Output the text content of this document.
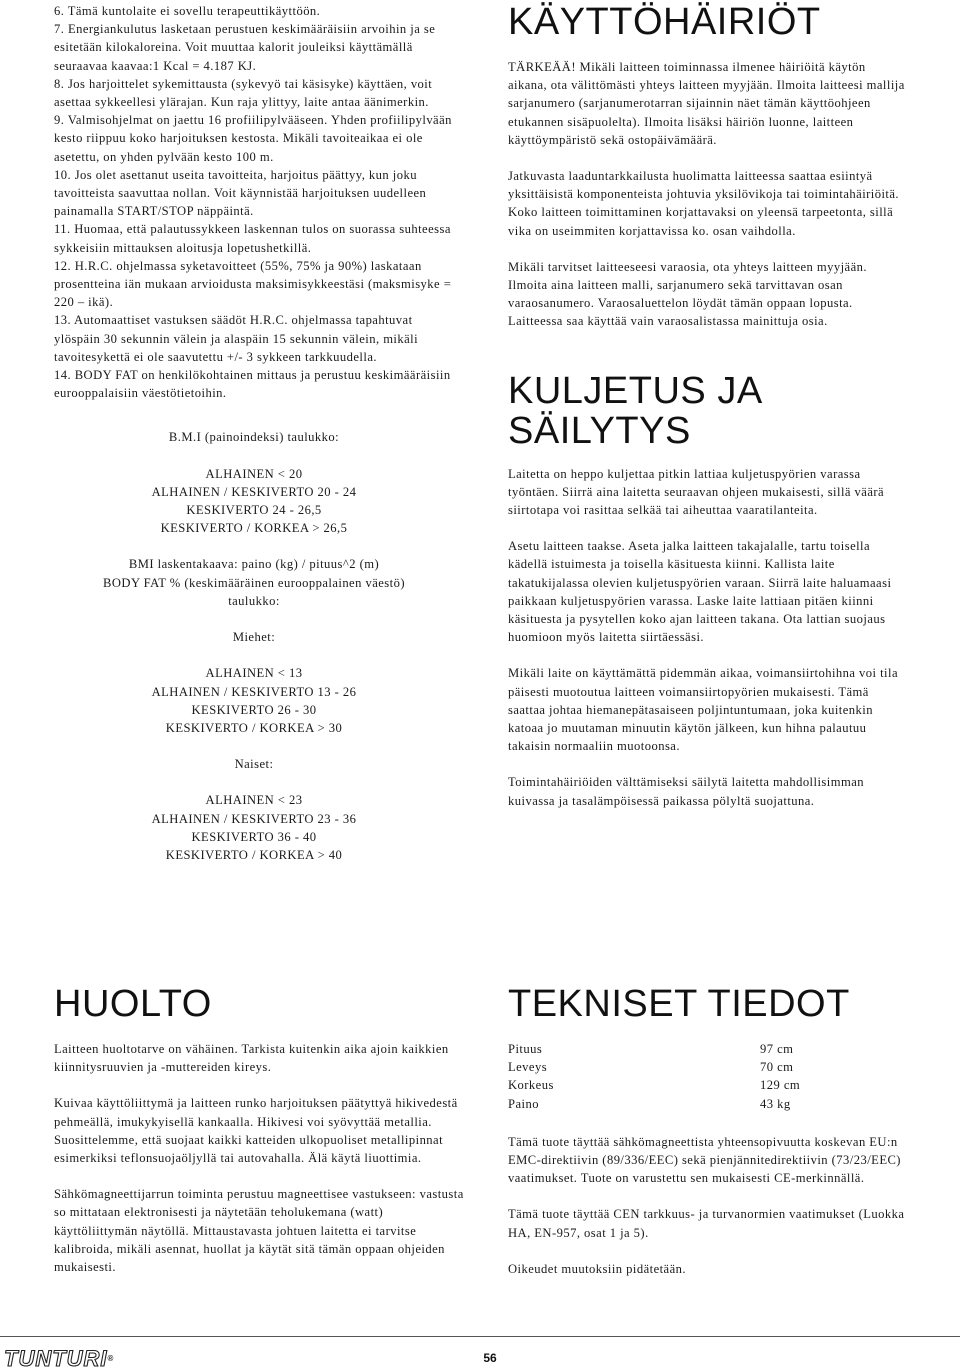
6. Tämä kuntolaite ei sovellu terapeuttikäyttöön.

7. Energiankulutus lasketaan perustuen keskimääräisiin arvoihin ja se esitetään kilokaloreina. Voit muuttaa kalorit jouleiksi käyttämällä seuraavaa kaavaa:1 Kcal = 4.187 KJ.

8. Jos harjoittelet sykemittausta (sykevyö tai käsisyke) käyttäen, voit asettaa sykkeellesi ylärajan. Kun raja ylittyy, laite antaa äänimerkin.

9. Valmisohjelmat on jaettu 16 profiilipylvääseen. Yhden profiilipylvään kesto riippuu koko harjoituksen kestosta. Mikäli tavoiteaikaa ei ole asetettu, on yhden pylvään kesto 100 m.

10. Jos olet asettanut useita tavoitteita, harjoitus päättyy, kun joku tavoitteista saavuttaa nollan. Voit käynnistää harjoituksen uudelleen painamalla START/STOP näppäintä.

11. Huomaa, että palautussykkeen laskennan tulos on suorassa suhteessa sykkeisiin mittauksen aloitusja lopetushetkillä.

12. H.R.C. ohjelmassa syketavoitteet (55%, 75% ja 90%) laskataan prosentteina iän mukaan arvioidusta maksimisykkeestäsi (maksmisyke = 220 – ikä).

13. Automaattiset vastuksen säädöt H.R.C. ohjelmassa tapahtuvat ylöspäin 30 sekunnin välein ja alaspäin 15 sekunnin välein, mikäli tavoitesykettä ei ole saavutettu +/- 3 sykkeen tarkkuudella.

14. BODY FAT on henkilökohtainen mittaus ja perustuu keskimääräisiin eurooppalaisiin väestötietoihin.

B.M.I (painoindeksi) taulukko:

ALHAINEN < 20

ALHAINEN / KESKIVERTO 20 - 24

KESKIVERTO 24 - 26,5

KESKIVERTO / KORKEA > 26,5

BMI laskentakaava: paino (kg) / pituus^2 (m)

BODY FAT % (keskimääräinen eurooppalainen väestö) taulukko:

Miehet:

ALHAINEN < 13

ALHAINEN / KESKIVERTO 13 - 26

KESKIVERTO 26 - 30

KESKIVERTO / KORKEA > 30

Naiset:

ALHAINEN < 23

ALHAINEN / KESKIVERTO 23 - 36

KESKIVERTO 36 - 40

KESKIVERTO / KORKEA > 40

KÄYTTÖHÄIRIÖT

TÄRKEÄÄ! Mikäli laitteen toiminnassa ilmenee häiriöitä käytön aikana, ota välittömästi yhteys laitteen myyjään. Ilmoita laitteesi mallija sarjanumero (sarjanumerotarran sijainnin näet tämän käyttöohjeen etukannen sisäpuolelta). Ilmoita lisäksi häiriön luonne, laitteen käyttöympäristö sekä ostopäivämäärä.

Jatkuvasta laaduntarkkailusta huolimatta laitteessa saattaa esiintyä yksittäisistä komponenteista johtuvia yksilövikoja tai toimintahäiriöitä. Koko laitteen toimittaminen korjattavaksi on yleensä tarpeetonta, sillä vika on useimmiten korjattavissa ko. osan vaihdolla.

Mikäli tarvitset laitteeseesi varaosia, ota yhteys laitteen myyjään. Ilmoita aina laitteen malli, sarjanumero sekä tarvittavan osan varaosanumero. Varaosaluettelon löydät tämän oppaan lopusta. Laitteessa saa käyttää vain varaosalistassa mainittuja osia.

KULJETUS JA
SÄILYTYS

Laitetta on heppo kuljettaa pitkin lattiaa kuljetuspyörien varassa työntäen. Siirrä aina laitetta seuraavan ohjeen mukaisesti, sillä väärä siirtotapa voi rasittaa selkää tai aiheuttaa vaaratilanteita.

Asetu laitteen taakse. Aseta jalka laitteen takajalalle, tartu toisella kädellä istuimesta ja toisella käsituesta kiinni. Kallista laite takatukijalassa olevien kuljetuspyörien varaan. Siirrä laite haluamaasi paikkaan kuljetuspyörien varassa. Laske laite lattiaan pitäen kiinni käsituesta ja pysytellen koko ajan laitteen takana. Ota lattian suojaus huomioon myös laitetta siirtäessäsi.

Mikäli laite on käyttämättä pidemmän aikaa, voimansiirtohihna voi tila päisesti muotoutua laitteen voimansiirtopyörien mukaisesti. Tämä saattaa johtaa hiemanepätasaiseen poljintuntumaan, joka kuitenkin katoaa jo muutaman minuutin käytön jälkeen, kun hihna palautuu takaisin normaaliin muotoonsa.

Toimintahäiriöiden välttämiseksi säilytä laitetta mahdollisimman kuivassa ja tasalämpöisessä paikassa pölyltä suojattuna.

HUOLTO

Laitteen huoltotarve on vähäinen. Tarkista kuitenkin aika ajoin kaikkien kiinnitysruuvien ja -muttereiden kireys.

Kuivaa käyttöliittymä ja laitteen runko harjoituksen päätyttyä hikivedestä pehmeällä, imukykyisellä kankaalla. Hikivesi voi syövyttää metallia. Suosittelemme, että suojaat kaikki katteiden ulkopuoliset metallipinnat esimerkiksi teflonsuojaöljyllä tai autovahalla. Älä käytä liuottimia.

Sähkömagneettijarrun toiminta perustuu magneettisee vastukseen: vastusta so mittataan elektronisesti ja näytetään teholukemana (watt) käyttöliittymän näytöllä. Mittaustavasta johtuen laitetta ei tarvitse kalibroida, mikäli asennat, huollat ja käytät sitä tämän oppaan ohjeiden mukaisesti.

TEKNISET TIEDOT
Pituus	97 cm
Leveys	70 cm
Korkeus	129 cm
Paino	43 kg

Tämä tuote täyttää sähkömagneettista yhteensopivuutta koskevan EU:n EMC-direktiivin (89/336/EEC) sekä pienjännitedirektiivin (73/23/EEC) vaatimukset. Tuote on varustettu sen mukaisesti CE-merkinnällä.

Tämä tuote täyttää CEN tarkkuus- ja turvanormien vaatimukset (Luokka HA, EN-957, osat 1 ja 5).

Oikeudet muutoksiin pidätetään.

TUNTURI®	56
